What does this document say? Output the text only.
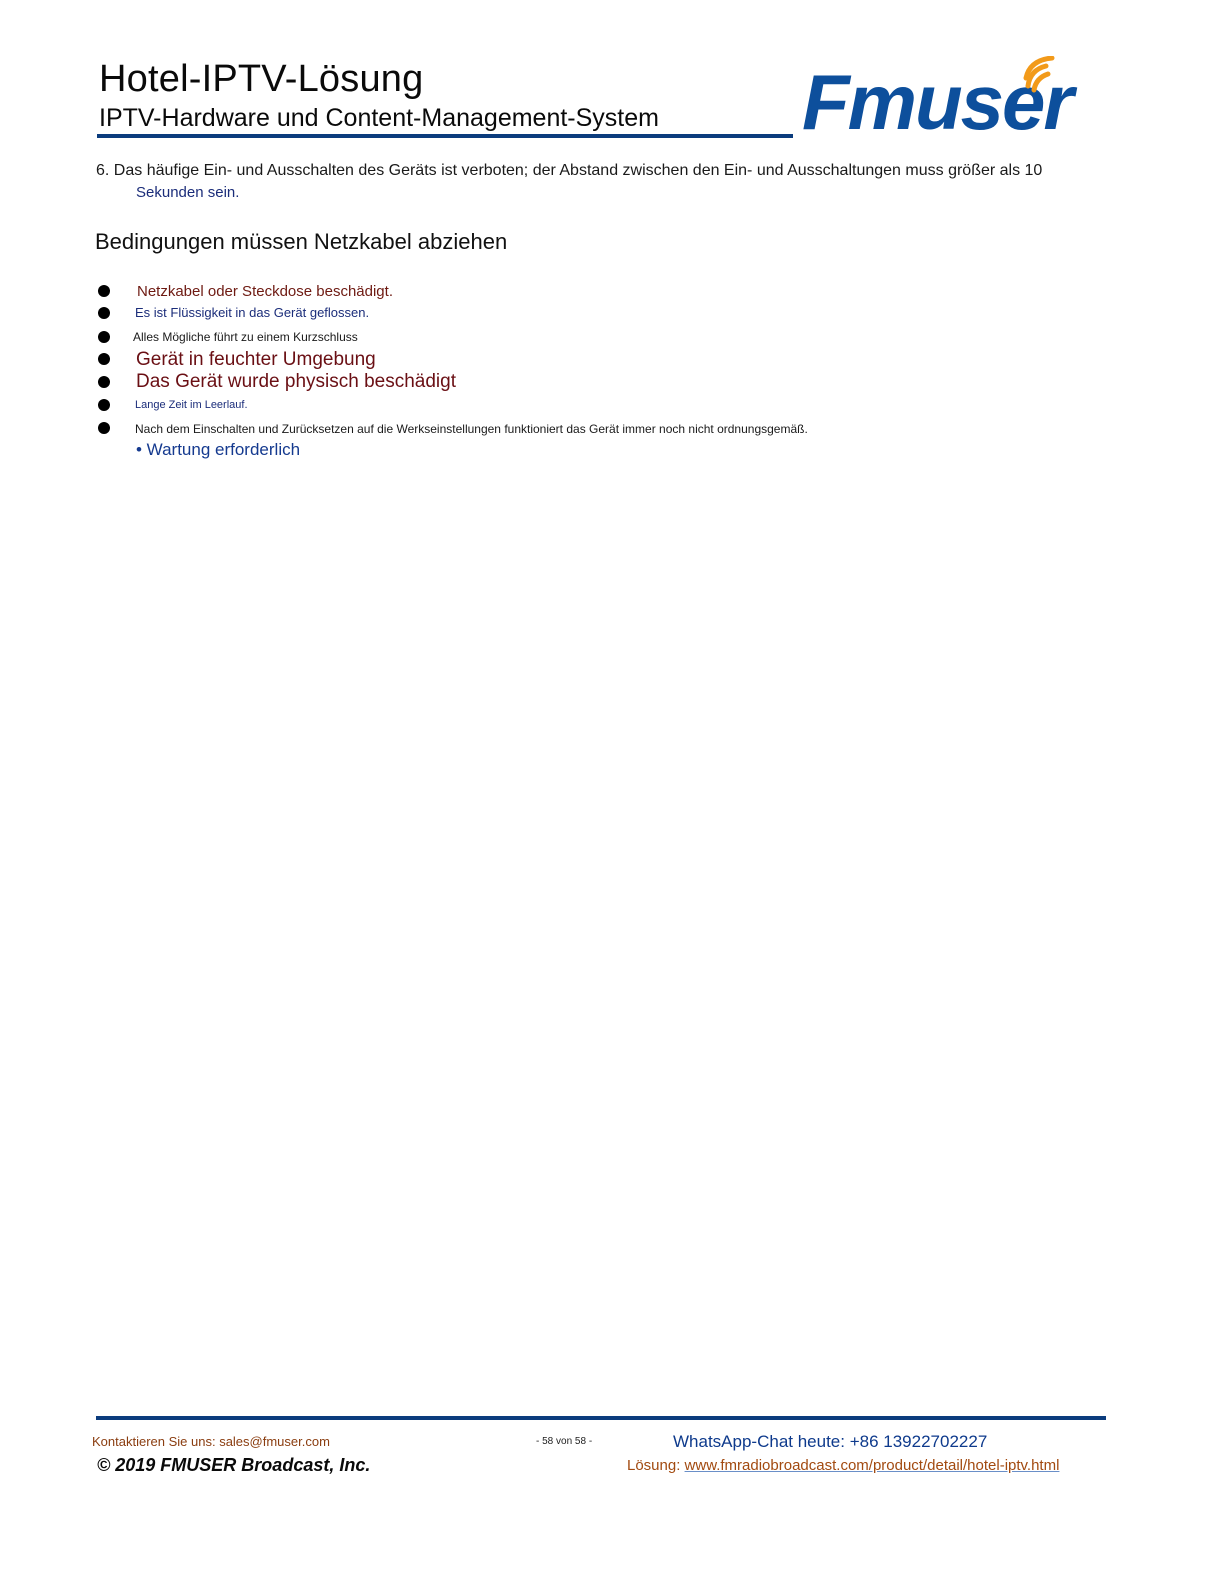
Hotel-IPTV-Lösung
IPTV-Hardware und Content-Management-System Fmuser
6. Das häufige Ein- und Ausschalten des Geräts ist verboten; der Abstand zwischen den Ein- und Ausschaltungen muss größer als 10
Sekunden sein.
Bedingungen müssen Netzkabel abziehen
Netzkabel oder Steckdose beschädigt.
Es ist Flüssigkeit in das Gerät geflossen.
Alles Mögliche führt zu einem Kurzschluss
Gerät in feuchter Umgebung
Das Gerät wurde physisch beschädigt
Lange Zeit im Leerlauf.
Nach dem Einschalten und Zurücksetzen auf die Werkseinstellungen funktioniert das Gerät immer noch nicht ordnungsgemäß.
• Wartung erforderlich
Kontaktieren Sie uns: sales@fmuser.com	- 58 von 58 -	WhatsApp-Chat heute: +86 13922702227
© 2019 FMUSER Broadcast, Inc.	Lösung: www.fmradiobroadcast.com/product/detail/hotel-iptv.html
